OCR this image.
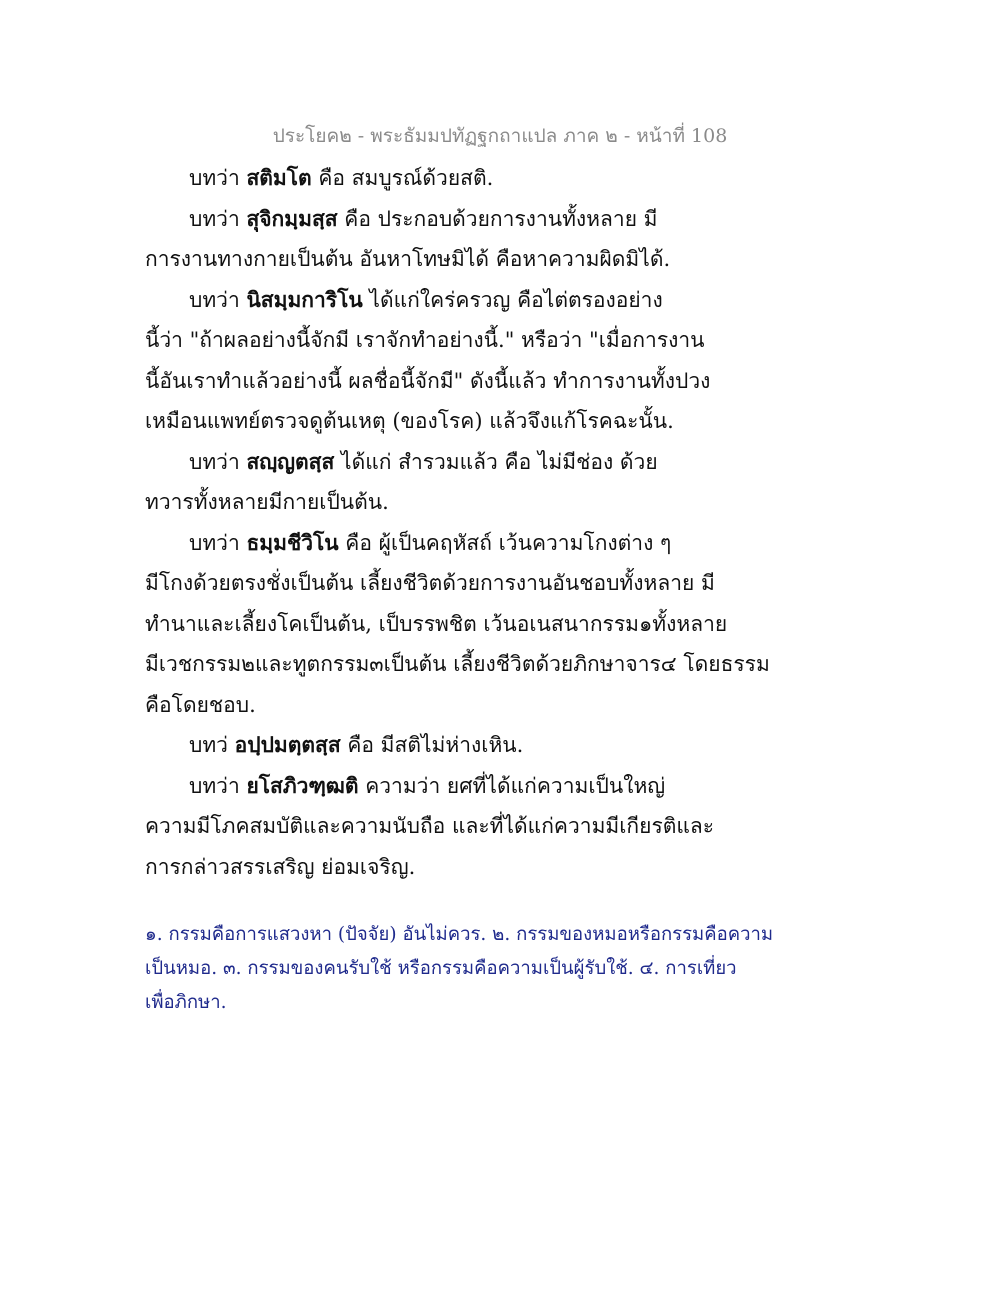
ประโยค๒ - พระธัมมปทัฏฐกถาแปล ภาค ๒ - หน้าที่ 108
บทว่า สติมโต คือ สมบูรณ์ด้วยสติ.
บทว่า สุจิกมฺมสฺส คือ ประกอบด้วยการงานทั้งหลาย มี
การงานทางกายเป็นต้น อันหาโทษมิได้ คือหาความผิดมิได้.
บทว่า นิสมฺมการิโน ได้แก่ใคร่ครวญ คือไต่ตรองอย่าง
นี้ว่า "ถ้าผลอย่างนี้จักมี เราจักทำอย่างนี้." หรือว่า "เมื่อการงาน
นี้อันเราทำแล้วอย่างนี้ ผลชื่อนี้จักมี" ดังนี้แล้ว ทำการงานทั้งปวง
เหมือนแพทย์ตรวจดูต้นเหตุ (ของโรค) แล้วจึงแก้โรคฉะนั้น.
บทว่า สญฺญตสฺส ได้แก่ สำรวมแล้ว คือ ไม่มีช่อง ด้วย
ทวารทั้งหลายมีกายเป็นต้น.
บทว่า ธมฺมชีวิโน คือ ผู้เป็นคฤหัสถ์ เว้นความโกงต่าง ๆ
มีโกงด้วยตรงชั่งเป็นต้น เลี้ยงชีวิตด้วยการงานอันชอบทั้งหลาย มี
ทำนาและเลี้ยงโคเป็นต้น, เป็บรรพชิต เว้นอเนสนากรรม๑ทั้งหลาย
มีเวชกรรม๒และทูตกรรม๓เป็นต้น เลี้ยงชีวิตด้วยภิกษาจาร๔ โดยธรรม
คือโดยชอบ.
บทว่ อปฺปมตฺตสฺส คือ มีสติไม่ห่างเหิน.
บทว่า ยโสภิวฑฺฒติ ความว่า ยศที่ได้แก่ความเป็นใหญ่
ความมีโภคสมบัติและความนับถือ และที่ได้แก่ความมีเกียรติและ
การกล่าวสรรเสริญ ย่อมเจริญ.
๑. กรรมคือการแสวงหา (ปัจจัย) อันไม่ควร. ๒. กรรมของหมอหรือกรรมคือความ
เป็นหมอ. ๓. กรรมของคนรับใช้ หรือกรรมคือความเป็นผู้รับใช้. ๔. การเที่ยว
เพื่อภิกษา.
